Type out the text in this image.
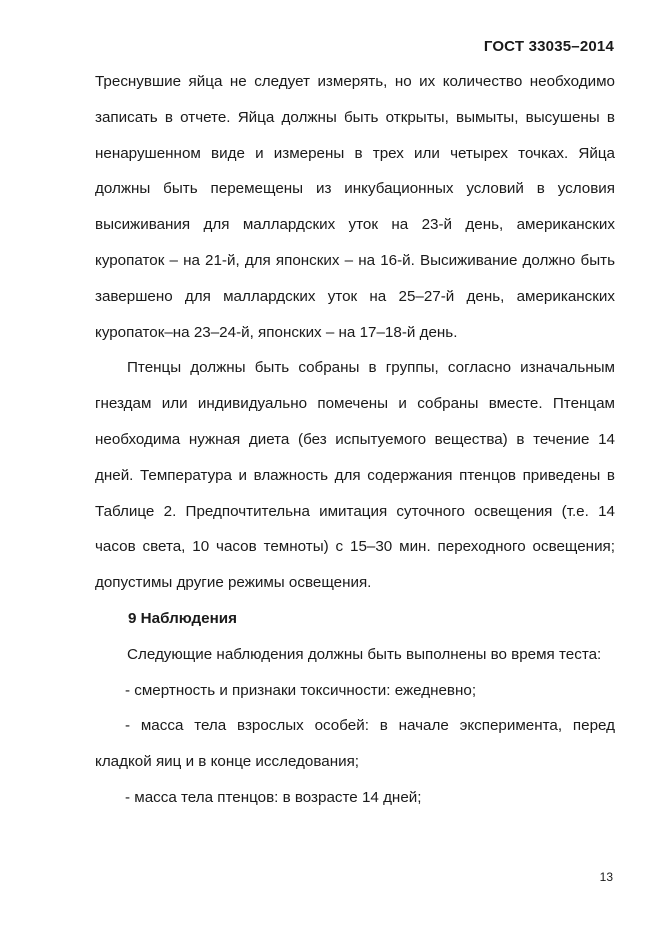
ГОСТ 33035–2014

Треснувшие яйца не следует измерять, но их количество необходимо записать в отчете. Яйца должны быть открыты, вымыты, высушены в ненарушенном виде и измерены в трех или четырех точках. Яйца должны быть перемещены из инкубационных условий в условия высиживания для маллардских уток на 23-й день, американских куропаток – на 21-й, для японских – на 16-й. Высиживание должно быть завершено для маллардских уток на 25–27-й день, американских куропаток–на 23–24-й, японских – на 17–18-й день.

Птенцы должны быть собраны в группы, согласно изначальным гнездам или индивидуально помечены и собраны вместе. Птенцам необходима нужная диета (без испытуемого вещества) в течение 14 дней. Температура и влажность для содержания птенцов приведены в Таблице 2. Предпочтительна имитация суточного освещения (т.е. 14 часов света, 10 часов темноты) с 15–30 мин. переходного освещения; допустимы другие режимы освещения.

9 Наблюдения

Следующие наблюдения должны быть выполнены во время теста:

- смертность и признаки токсичности: ежедневно;

- масса тела взрослых особей: в начале эксперимента, перед кладкой яиц и в конце исследования;

- масса тела птенцов: в возрасте 14 дней;

13
